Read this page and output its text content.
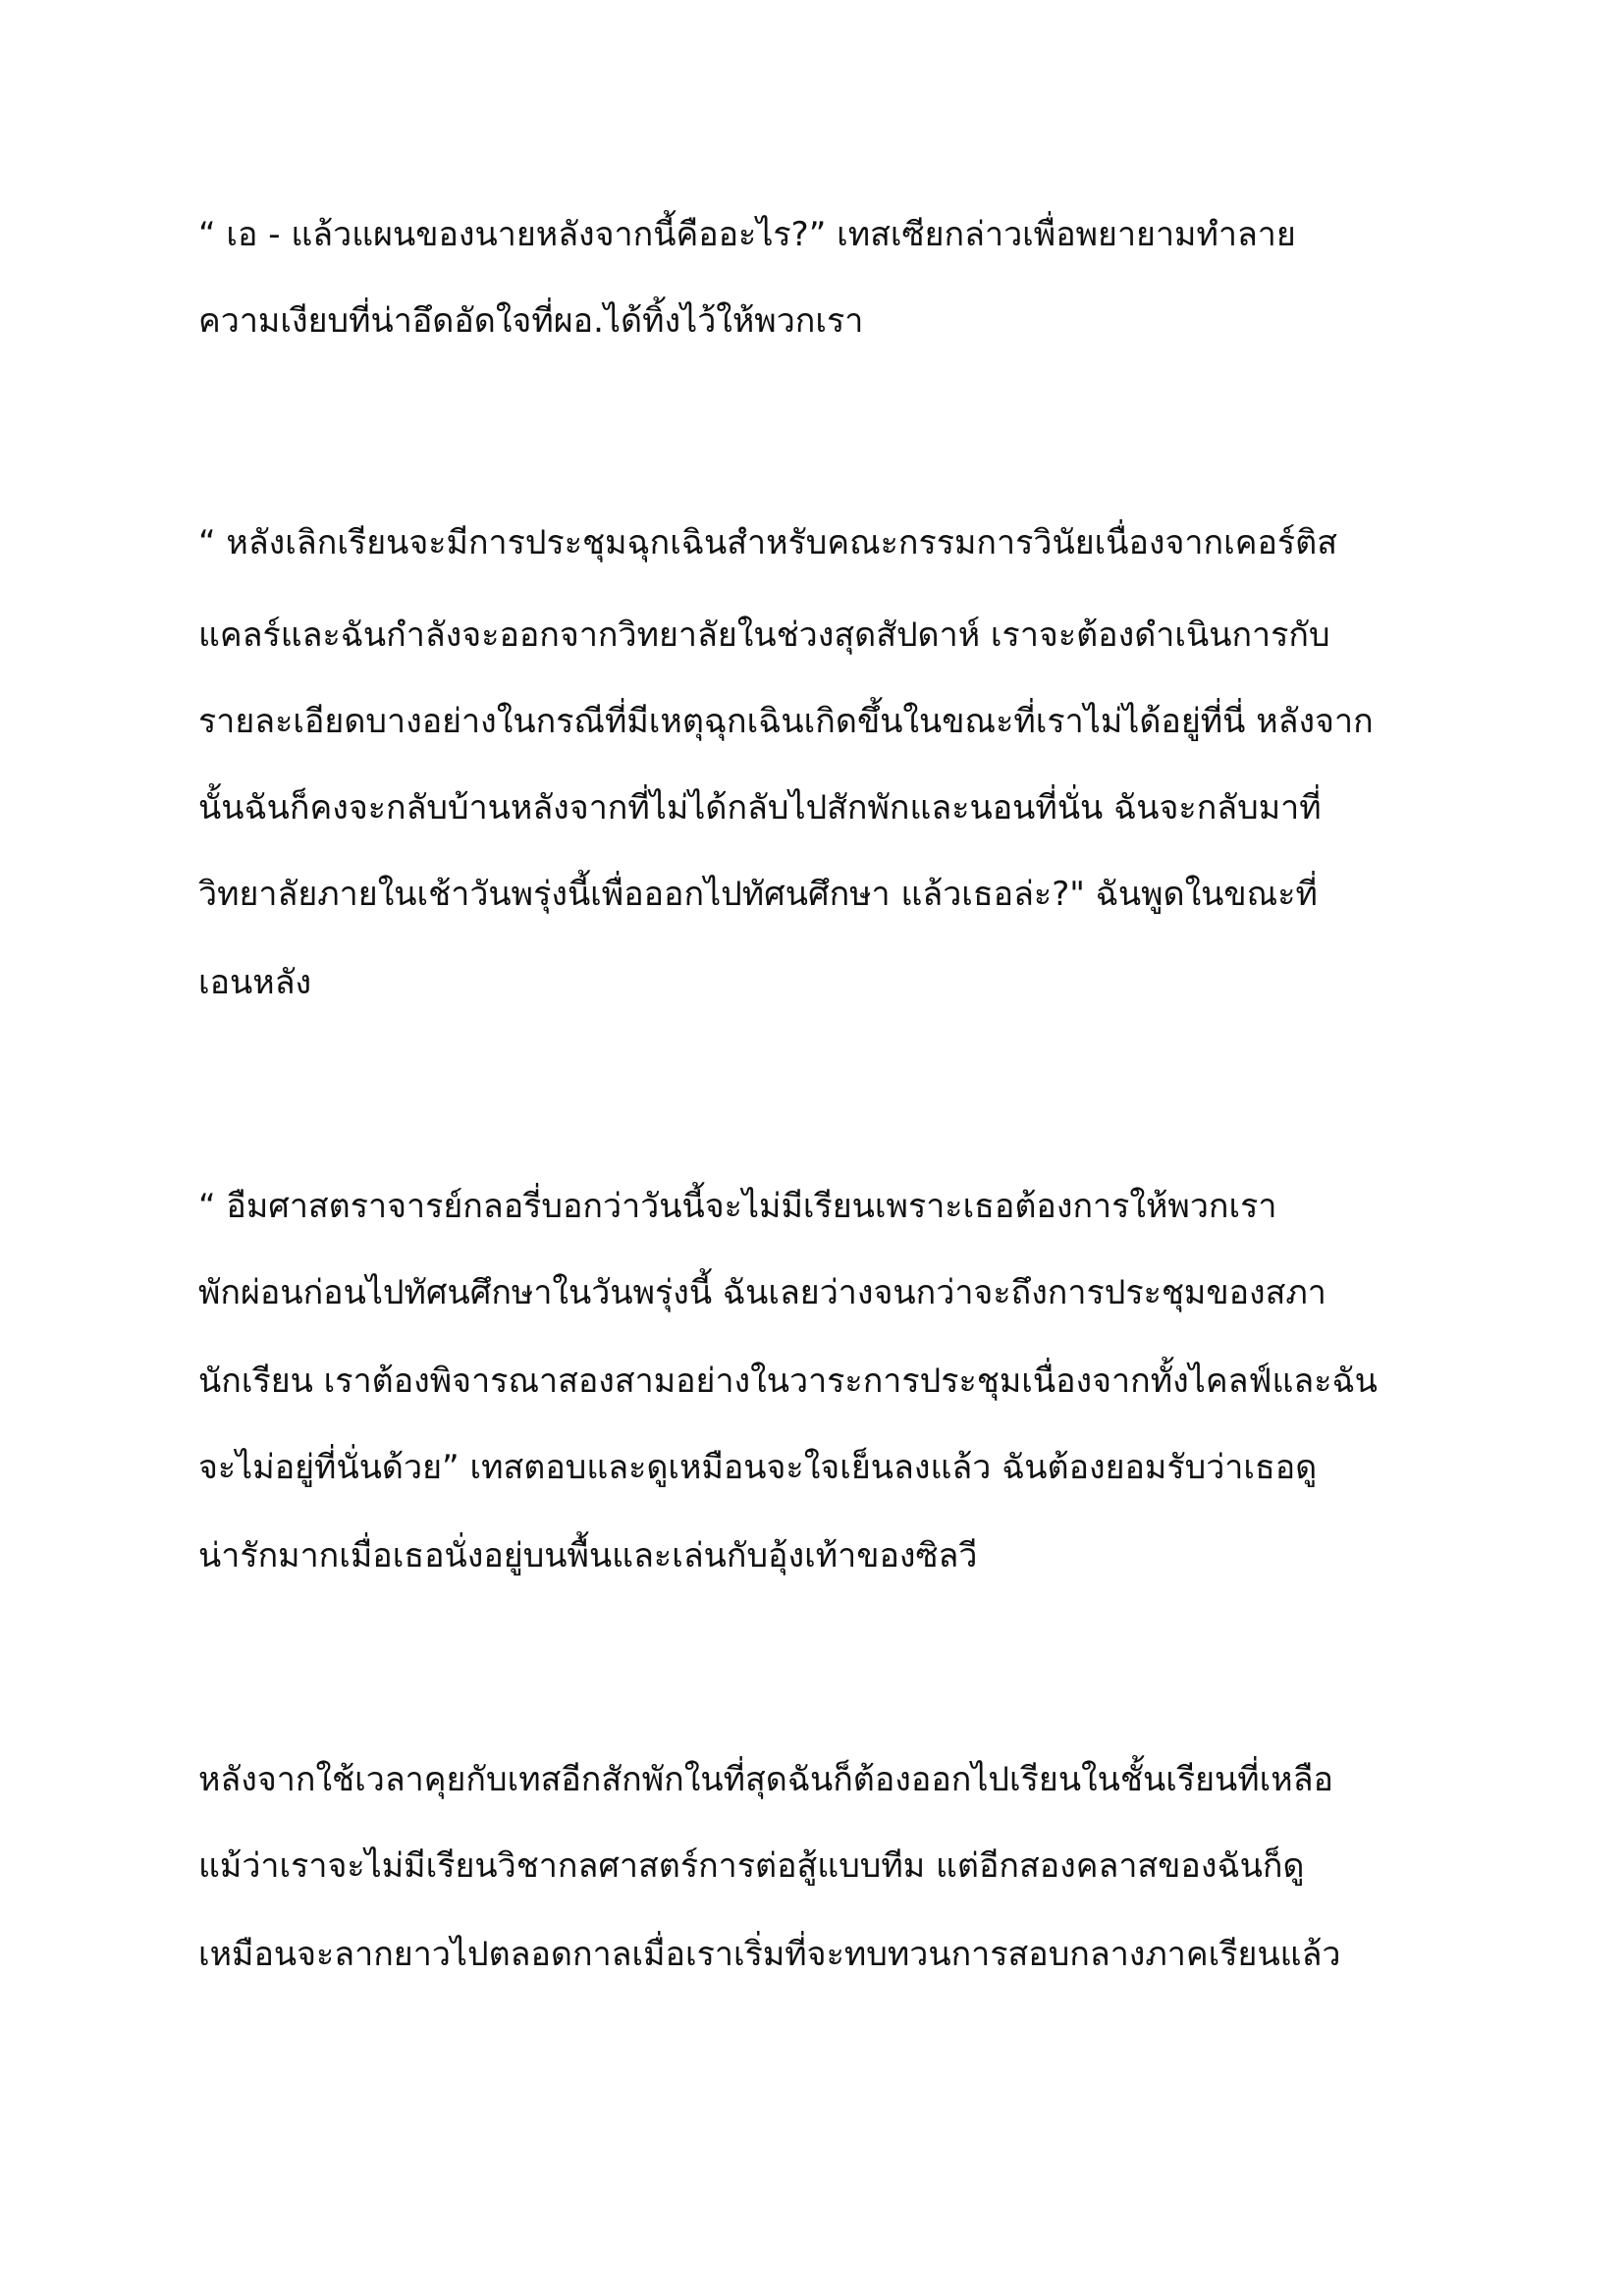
“ เอ - แล้วแผนของนายหลังจากนี้คืออะไร?” เทสเซียกล่าวเพื่อพยายามทำลาย
ความเงียบที่น่าอึดอัดใจที่ผอ.ได้ทิ้งไว้ให้พวกเรา
“ หลังเลิกเรียนจะมีการประชุมฉุกเฉินสำหรับคณะกรรมการวินัยเนื่องจากเคอร์ติส
แคลร์และฉันกำลังจะออกจากวิทยาลัยในช่วงสุดสัปดาห์ เราจะต้องดำเนินการกับ
รายละเอียดบางอย่างในกรณีที่มีเหตุฉุกเฉินเกิดขึ้นในขณะที่เราไม่ได้อยู่ที่นี่ หลังจาก
นั้นฉันก็คงจะกลับบ้านหลังจากที่ไม่ได้กลับไปสักพักและนอนที่นั่น ฉันจะกลับมาที่
วิทยาลัยภายในเช้าวันพรุ่งนี้เพื่อออกไปทัศนศึกษา แล้วเธอล่ะ?" ฉันพูดในขณะที่
เอนหลัง
“ อืมศาสตราจารย์กลอรี่บอกว่าวันนี้จะไม่มีเรียนเพราะเธอต้องการให้พวกเรา
พักผ่อนก่อนไปทัศนศึกษาในวันพรุ่งนี้ ฉันเลยว่างจนกว่าจะถึงการประชุมของสภา
นักเรียน เราต้องพิจารณาสองสามอย่างในวาระการประชุมเนื่องจากทั้งไคลฟ์และฉัน
จะไม่อยู่ที่นั่นด้วย” เทสตอบและดูเหมือนจะใจเย็นลงแล้ว ฉันต้องยอมรับว่าเธอดู
น่ารักมากเมื่อเธอนั่งอยู่บนพื้นและเล่นกับอุ้งเท้าของซิลวี
หลังจากใช้เวลาคุยกับเทสอีกสักพักในที่สุดฉันก็ต้องออกไปเรียนในชั้นเรียนที่เหลือ
แม้ว่าเราจะไม่มีเรียนวิชากลศาสตร์การต่อสู้แบบทีม แต่อีกสองคลาสของฉันก็ดู
เหมือนจะลากยาวไปตลอดกาลเมื่อเราเริ่มที่จะทบทวนการสอบกลางภาคเรียนแล้ว
